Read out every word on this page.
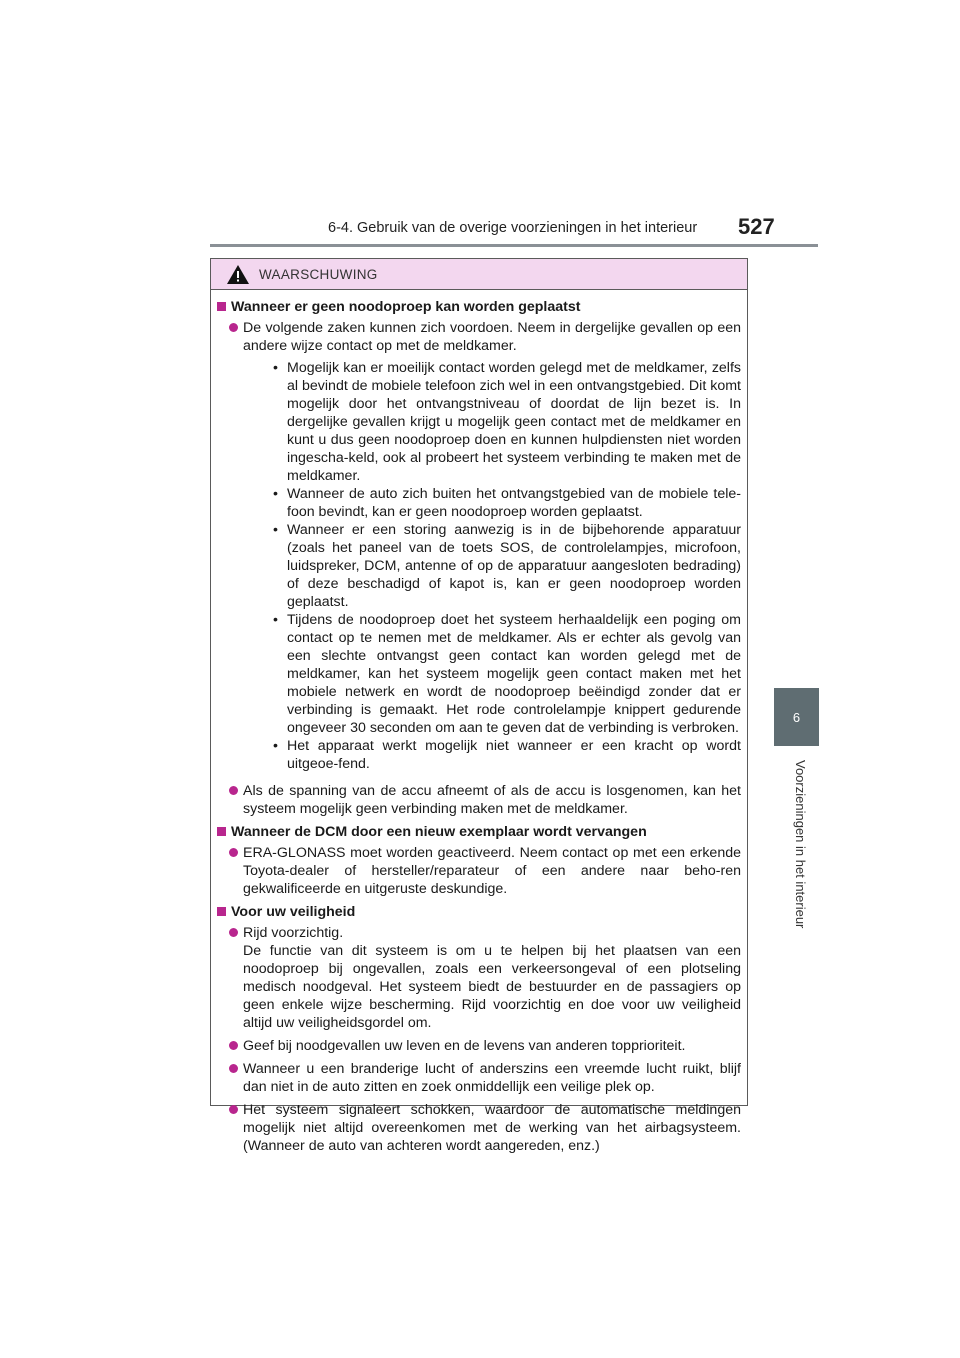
6-4. Gebruik van de overige voorzieningen in het interieur 527
6
Voorzieningen in het interieur
WAARSCHUWING
Wanneer er geen noodoproep kan worden geplaatst
De volgende zaken kunnen zich voordoen. Neem in dergelijke gevallen op een andere wijze contact op met de meldkamer.
• Mogelijk kan er moeilijk contact worden gelegd met de meldkamer, zelfs al bevindt de mobiele telefoon zich wel in een ontvangstgebied. Dit komt mogelijk door het ontvangstniveau of doordat de lijn bezet is. In dergelijke gevallen krijgt u mogelijk geen contact met de meldkamer en kunt u dus geen noodoproep doen en kunnen hulpdiensten niet worden ingescha-keld, ook al probeert het systeem verbinding te maken met de meldkamer.
• Wanneer de auto zich buiten het ontvangstgebied van de mobiele tele-foon bevindt, kan er geen noodoproep worden geplaatst.
• Wanneer er een storing aanwezig is in de bijbehorende apparatuur (zoals het paneel van de toets SOS, de controlelampjes, microfoon, luidspreker, DCM, antenne of op de apparatuur aangesloten bedrading) of deze beschadigd of kapot is, kan er geen noodoproep worden geplaatst.
• Tijdens de noodoproep doet het systeem herhaaldelijk een poging om contact op te nemen met de meldkamer. Als er echter als gevolg van een slechte ontvangst geen contact kan worden gelegd met de meldkamer, kan het systeem mogelijk geen contact maken met het mobiele netwerk en wordt de noodoproep beëindigd zonder dat er verbinding is gemaakt. Het rode controlelampje knippert gedurende ongeveer 30 seconden om aan te geven dat de verbinding is verbroken.
• Het apparaat werkt mogelijk niet wanneer er een kracht op wordt uitgeoe-fend.
Als de spanning van de accu afneemt of als de accu is losgenomen, kan het systeem mogelijk geen verbinding maken met de meldkamer.
Wanneer de DCM door een nieuw exemplaar wordt vervangen
ERA-GLONASS moet worden geactiveerd. Neem contact op met een erkende Toyota-dealer of hersteller/reparateur of een andere naar beho-ren gekwalificeerde en uitgeruste deskundige.
Voor uw veiligheid
Rijd voorzichtig.
De functie van dit systeem is om u te helpen bij het plaatsen van een noodoproep bij ongevallen, zoals een verkeersongeval of een plotseling medisch noodgeval. Het systeem biedt de bestuurder en de passagiers op geen enkele wijze bescherming. Rijd voorzichtig en doe voor uw veiligheid altijd uw veiligheidsgordel om.
Geef bij noodgevallen uw leven en de levens van anderen topprioriteit.
Wanneer u een branderige lucht of anderszins een vreemde lucht ruikt, blijf dan niet in de auto zitten en zoek onmiddellijk een veilige plek op.
Het systeem signaleert schokken, waardoor de automatische meldingen mogelijk niet altijd overeenkomen met de werking van het airbagsysteem. (Wanneer de auto van achteren wordt aangereden, enz.)
